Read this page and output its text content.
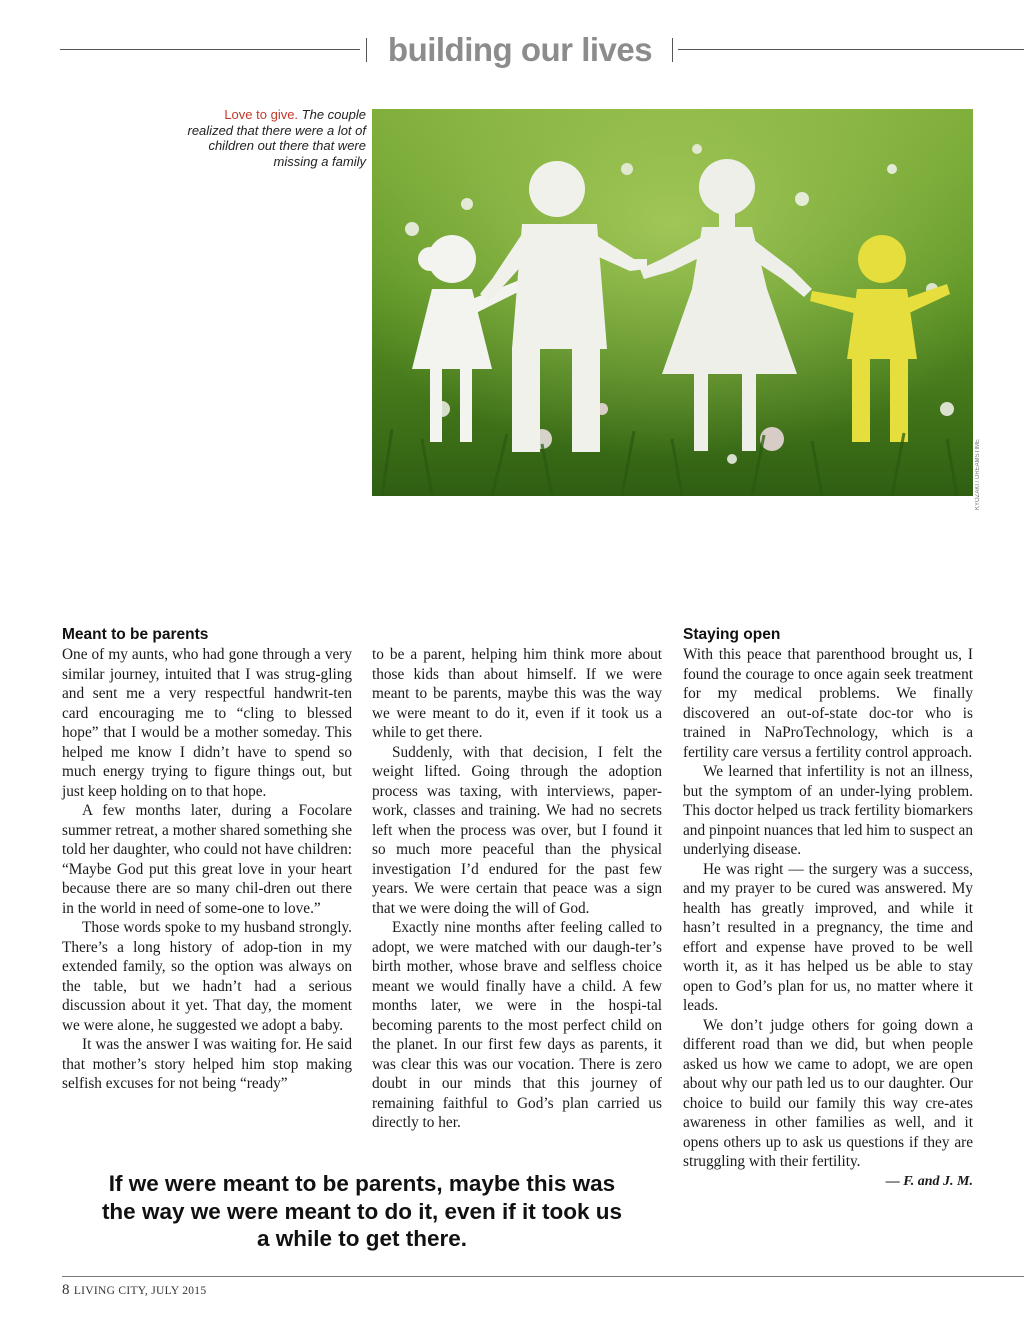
building our lives
Love to give. The couple realized that there were a lot of children out there that were missing a family
KYOZAKI / DREAMSTIME
Meant to be parents

One of my aunts, who had gone through a very similar journey, intuited that I was strug-gling and sent me a very respectful handwrit-ten card encouraging me to “cling to blessed hope” that I would be a mother someday. This helped me know I didn’t have to spend so much energy trying to figure things out, but just keep holding on to that hope.

A few months later, during a Focolare summer retreat, a mother shared something she told her daughter, who could not have children: “Maybe God put this great love in your heart because there are so many chil-dren out there in the world in need of some-one to love.”

Those words spoke to my husband strongly. There’s a long history of adop-tion in my extended family, so the option was always on the table, but we hadn’t had a serious discussion about it yet. That day, the moment we were alone, he suggested we adopt a baby.

It was the answer I was waiting for. He said that mother’s story helped him stop making selfish excuses for not being “ready”

to be a parent, helping him think more about those kids than about himself. If we were meant to be parents, maybe this was the way we were meant to do it, even if it took us a while to get there.

Suddenly, with that decision, I felt the weight lifted. Going through the adoption process was taxing, with interviews, paper-work, classes and training. We had no secrets left when the process was over, but I found it so much more peaceful than the physical investigation I’d endured for the past few years. We were certain that peace was a sign that we were doing the will of God.

Exactly nine months after feeling called to adopt, we were matched with our daugh-ter’s birth mother, whose brave and selfless choice meant we would finally have a child. A few months later, we were in the hospi-tal becoming parents to the most perfect child on the planet. In our first few days as parents, it was clear this was our vocation. There is zero doubt in our minds that this journey of remaining faithful to God’s plan carried us directly to her.

Staying open

With this peace that parenthood brought us, I found the courage to once again seek treatment for my medical problems. We finally discovered an out-of-state doc-tor who is trained in NaProTechnology, which is a fertility care versus a fertility control approach.

We learned that infertility is not an illness, but the symptom of an under-lying problem. This doctor helped us track fertility biomarkers and pinpoint nuances that led him to suspect an underlying disease.

He was right — the surgery was a success, and my prayer to be cured was answered. My health has greatly improved, and while it hasn’t resulted in a pregnancy, the time and effort and expense have proved to be well worth it, as it has helped us be able to stay open to God’s plan for us, no matter where it leads.

We don’t judge others for going down a different road than we did, but when people asked us how we came to adopt, we are open about why our path led us to our daughter. Our choice to build our family this way cre-ates awareness in other families as well, and it opens others up to ask us questions if they are struggling with their fertility.

— F. and J. M.

If we were meant to be parents, maybe this was the way we were meant to do it, even if it took us a while to get there.
8 LIVING CITY, JULY 2015
